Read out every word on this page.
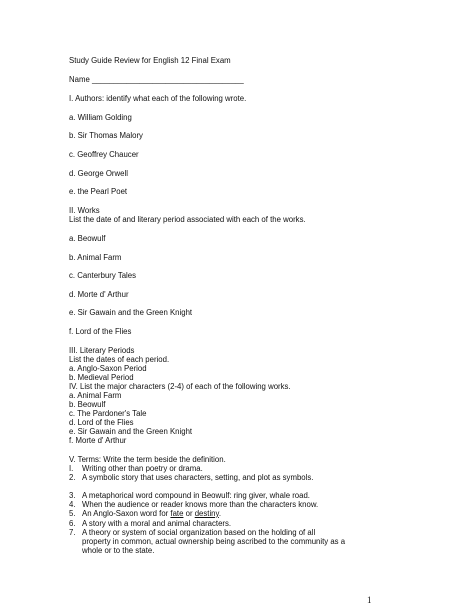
Study Guide Review for English 12 Final Exam
Name ___________________________________
I. Authors: identify what each of the following wrote.
a. William Golding
b. Sir Thomas Malory
c. Geoffrey Chaucer
d. George Orwell
e. the Pearl Poet
II. Works
List the date of and literary period associated with each of the works.
a. Beowulf
b. Animal Farm
c. Canterbury Tales
d. Morte d' Arthur
e. Sir Gawain and the Green Knight
f. Lord of the Flies
III. Literary Periods
List the dates of each period.
a. Anglo-Saxon Period
b. Medieval Period
IV. List the major characters (2-4) of each of the following works.
a. Animal Farm
b. Beowulf
c. The Pardoner's Tale
d. Lord of the Flies
e. Sir Gawain and the Green Knight
f. Morte d' Arthur
V. Terms: Write the term beside the definition.
I. Writing other than poetry or drama.
2. A symbolic story that uses characters, setting, and plot as symbols.
3. A metaphorical word compound in Beowulf: ring giver, whale road.
4. When the audience or reader knows more than the characters know.
5. An Anglo-Saxon word for fate or destiny.
6. A story with a moral and animal characters.
7. A theory or system of social organization based on the holding of all
property in common, actual ownership being ascribed to the community as a
whole or to the state.
1
